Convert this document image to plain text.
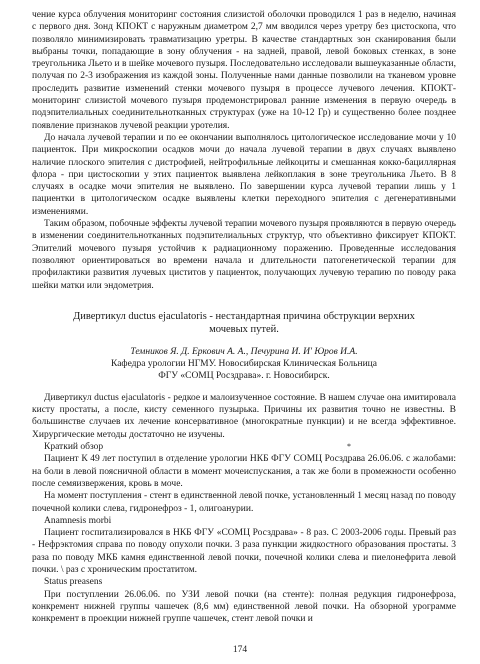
чение курса облучения мониторинг состояния слизистой оболочки проводился 1 раз в неделю, начиная с первого дня. Зонд КПОКТ с наружным диаметром 2,7 мм вводился через уретру без цистоскопа, что позволяло минимизировать травматизацию уретры. В качестве стандартных зон сканирования были выбраны точки, попадающие в зону облучения - на задней, правой, левой боковых стенках, в зоне треугольника Льето и в шейке мочевого пузыря. Последовательно исследовали вышеуказанные области, получая по 2-3 изображения из каждой зоны. Полученные нами данные позволили на тканевом уровне проследить развитие изменений стенки мочевого пузыря в процессе лучевого лечения. КПОКТ-мониторинг слизистой мочевого пузыря продемонстрировал ранние изменения в первую очередь в подэпителиальных соединительнотканных структурах (уже на 10-12 Гр) и существенно более позднее появление признаков лучевой реакции уротелия.

До начала лучевой терапии и по ее окончании выполнялось цитологическое исследование мочи у 10 пациенток. При микроскопии осадков мочи до начала лучевой терапии в двух случаях выявлено наличие плоского эпителия с дистрофией, нейтрофильные лейкоциты и смешанная кокко-бациллярная флора - при цистоскопии у этих пациенток выявлена лейкоплакия в зоне треугольника Льето. В 8 случаях в осадке мочи эпителия не выявлено. По завершении курса лучевой терапии лишь у 1 пациентки в цитологическом осадке выявлены клетки переходного эпителия с дегенеративными изменениями.

Таким образом, побочные эффекты лучевой терапии мочевого пузыря проявляются в первую очередь в изменении соединительнотканных подэпителиальных структур, что объективно фиксирует КПОКТ. Эпителий мочевого пузыря устойчив к радиационному поражению. Проведенные исследования позволяют ориентироваться во времени начала и длительности патогенетической терапии для профилактики развития лучевых циститов у пациенток, получающих лучевую терапию по поводу рака шейки матки или эндометрия.

Дивертикул ductus ejaculatoris - нестандартная причина обструкции верхних мочевых путей.

Темников Я. Д. Еркович А. А., Печурина И. И' Юров И.А.

Кафедра урологии НГМУ. Новосибирская Клиническая Больница

ФГУ «СОМЦ Росздрава». г. Новосибирск.

Дивертикул ductus ejaculatoris - редкое и малоизученное состояние. В нашем случае она имитировала кисту простаты, а после, кисту семенного пузырька. Причины их развития точно не известны. В большинстве случаев их лечение консервативное (многократные пункции) и не всегда эффективное. Хирургические методы достаточно не изучены.

Краткий обзор

Пациент К 49 лет поступил в отделение урологии НКБ ФГУ СОМЦ Росздрава 26.06.06. с жалобами: на боли в левой поясничной области в момент мочеиспускания, а так же боли в промежности особенно после семяизвержения, кровь в моче.

На момент поступления - стент в единственной левой почке, установленный 1 месяц назад по поводу почечной колики слева, гидронефроз - 1, олигоанурии.

Anamnesis morbi

Пациент госпитализировался в НКБ ФГУ «СОМЦ Росздрава» - 8 раз. С 2003-2006 годы. Превый раз - Нефрэктомия справа по поводу опухоли почки. 3 раза пункции жидкостного образования простаты. 3 раза по поводу МКБ камня единственной левой почки, почечной колики слева и пиелонефрита левой почки. \ раз с хроническим простатитом.

Status preasens

При поступлении 26.06.06. по УЗИ левой почки (на стенте): полная редукция гидронефроза, конкремент нижней группы чашечек (8,6 мм) единственной левой почки. На обзорной урограмме конкремент в проекции нижней группе чашечек, стент левой почки и

*
174
